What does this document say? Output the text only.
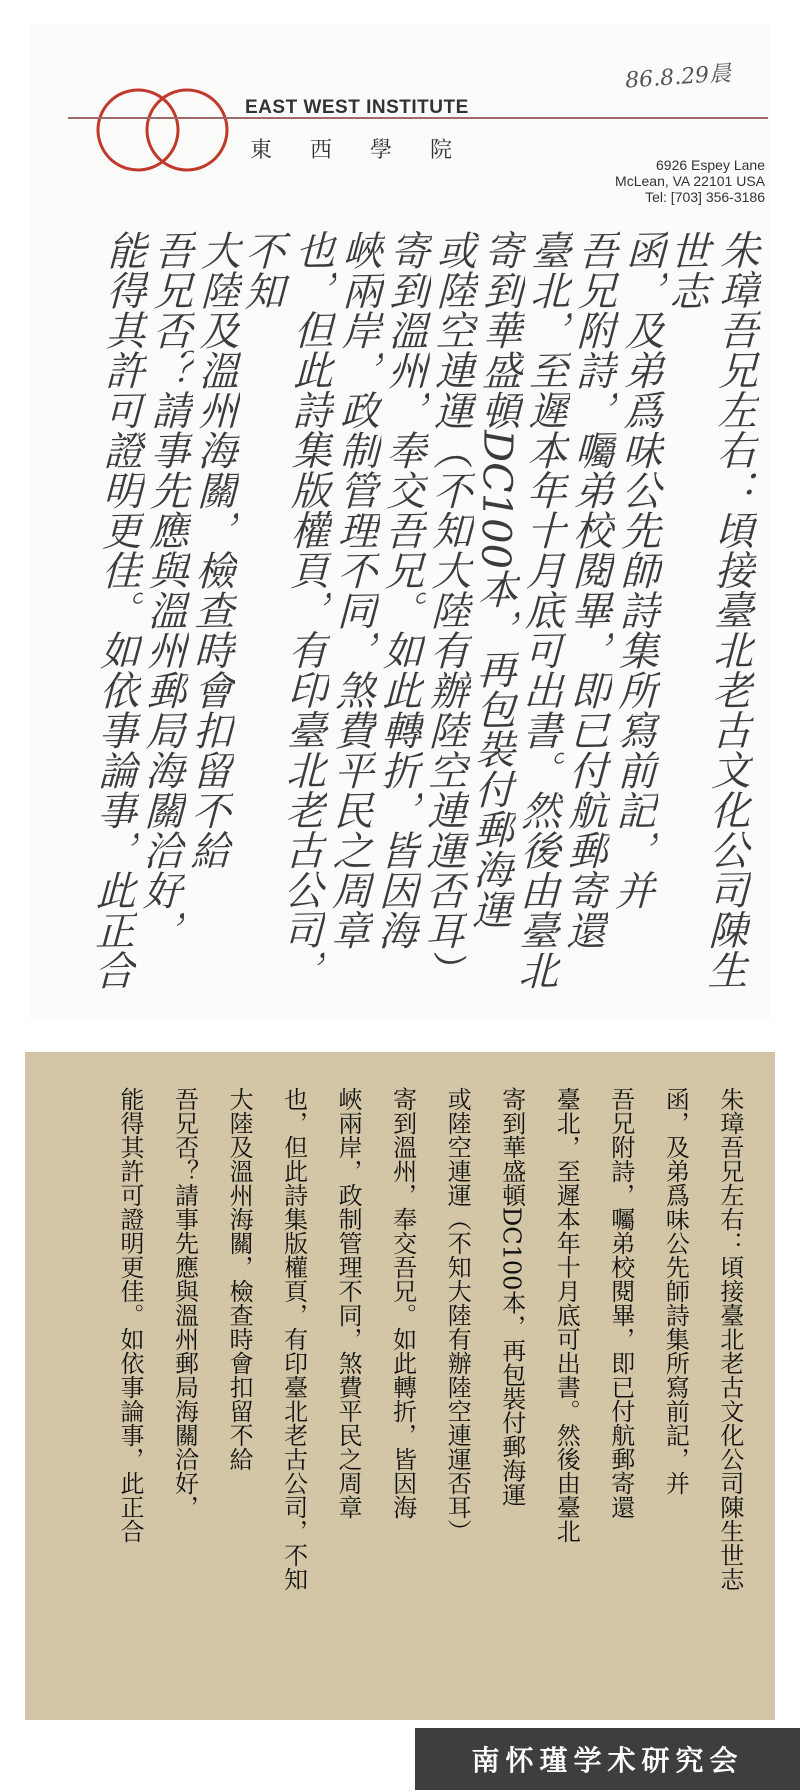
86.8.29晨
EAST WEST INSTITUTE
東西學院
6926 Espey Lane
McLean, VA 22101 USA
Tel: [703] 356-3186
朱璋吾兄左右：頃接臺北老古文化公司陳生世志
函，及弟爲味公先師詩集所寫前記，并
吾兄附詩，囑弟校閱畢，即已付航郵寄還
臺北，至遲本年十月底可出書。然後由臺北
寄到華盛頓DC100本，再包裝付郵海運
或陸空連運（不知大陸有辦陸空連運否耳）
寄到溫州，奉交吾兄。如此轉折，皆因海
峽兩岸，政制管理不同，煞費平民之周章
也，但此詩集版權頁，有印臺北老古公司，不知
大陸及溫州海關，檢查時會扣留不給
吾兄否？請事先應與溫州郵局海關洽好，
能得其許可證明更佳。如依事論事，此正合
朱璋吾兄左右：頃接臺北老古文化公司陳生世志
函，及弟爲味公先師詩集所寫前記，并
吾兄附詩，囑弟校閱畢，即已付航郵寄還
臺北，至遲本年十月底可出書。然後由臺北
寄到華盛頓DC100本，再包裝付郵海運
或陸空連運（不知大陸有辦陸空連運否耳）
寄到溫州，奉交吾兄。如此轉折，皆因海
峽兩岸，政制管理不同，煞費平民之周章
也，但此詩集版權頁，有印臺北老古公司，不知
大陸及溫州海關，檢查時會扣留不給
吾兄否？請事先應與溫州郵局海關洽好，
能得其許可證明更佳。如依事論事，此正合
南怀瑾学术研究会
